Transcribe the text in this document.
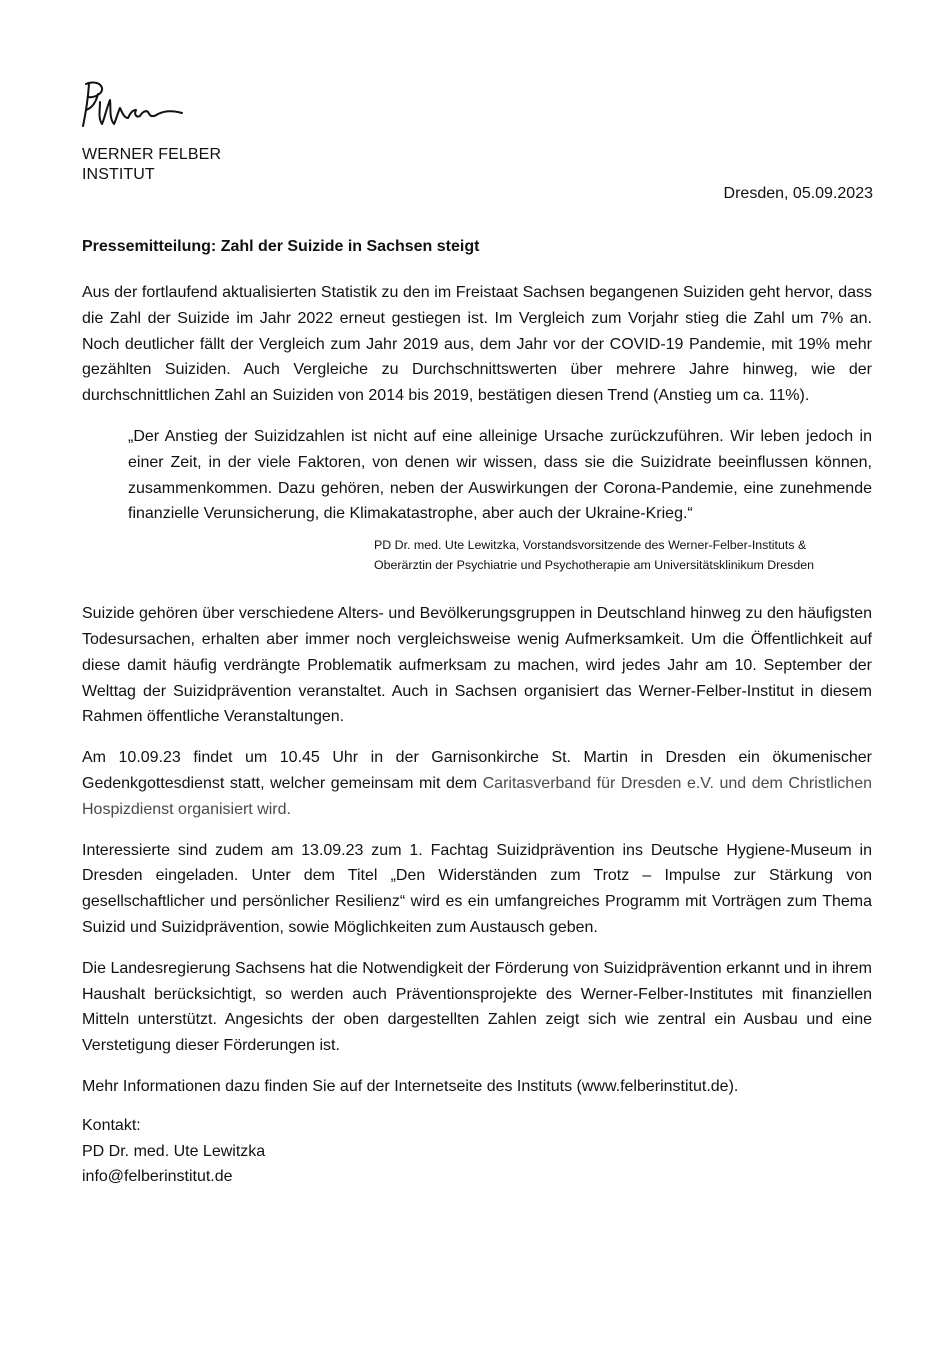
WERNER FELBER
INSTITUT
Dresden, 05.09.2023
Pressemitteilung: Zahl der Suizide in Sachsen steigt

Aus der fortlaufend aktualisierten Statistik zu den im Freistaat Sachsen begangenen Suiziden geht hervor, dass die Zahl der Suizide im Jahr 2022 erneut gestiegen ist. Im Vergleich zum Vorjahr stieg die Zahl um 7% an. Noch deutlicher fällt der Vergleich zum Jahr 2019 aus, dem Jahr vor der COVID-19 Pandemie, mit 19% mehr gezählten Suiziden. Auch Vergleiche zu Durchschnittswerten über mehrere Jahre hinweg, wie der durchschnittlichen Zahl an Suiziden von 2014 bis 2019, bestätigen diesen Trend (Anstieg um ca. 11%).

„Der Anstieg der Suizidzahlen ist nicht auf eine alleinige Ursache zurückzuführen. Wir leben jedoch in einer Zeit, in der viele Faktoren, von denen wir wissen, dass sie die Suizidrate beeinflussen können, zusammenkommen. Dazu gehören, neben der Auswirkungen der Corona-Pandemie, eine zunehmende finanzielle Verunsicherung, die Klimakatastrophe, aber auch der Ukraine-Krieg.“
PD Dr. med. Ute Lewitzka, Vorstandsvorsitzende des Werner-Felber-Instituts &
Oberärztin der Psychiatrie und Psychotherapie am Universitätsklinikum Dresden

Suizide gehören über verschiedene Alters- und Bevölkerungsgruppen in Deutschland hinweg zu den häufigsten Todesursachen, erhalten aber immer noch vergleichsweise wenig Aufmerksamkeit. Um die Öffentlichkeit auf diese damit häufig verdrängte Problematik aufmerksam zu machen, wird jedes Jahr am 10. September der Welttag der Suizidprävention veranstaltet. Auch in Sachsen organisiert das Werner-Felber-Institut in diesem Rahmen öffentliche Veranstaltungen.

Am 10.09.23 findet um 10.45 Uhr in der Garnisonkirche St. Martin in Dresden ein ökumenischer Gedenkgottesdienst statt, welcher gemeinsam mit dem Caritasverband für Dresden e.V. und dem Christlichen Hospizdienst organisiert wird.

Interessierte sind zudem am 13.09.23 zum 1. Fachtag Suizidprävention ins Deutsche Hygiene-Museum in Dresden eingeladen. Unter dem Titel „Den Widerständen zum Trotz – Impulse zur Stärkung von gesellschaftlicher und persönlicher Resilienz“ wird es ein umfangreiches Programm mit Vorträgen zum Thema Suizid und Suizidprävention, sowie Möglichkeiten zum Austausch geben.

Die Landesregierung Sachsens hat die Notwendigkeit der Förderung von Suizidprävention erkannt und in ihrem Haushalt berücksichtigt, so werden auch Präventionsprojekte des Werner-Felber-Institutes mit finanziellen Mitteln unterstützt. Angesichts der oben dargestellten Zahlen zeigt sich wie zentral ein Ausbau und eine Verstetigung dieser Förderungen ist.

Mehr Informationen dazu finden Sie auf der Internetseite des Instituts (www.felberinstitut.de).

Kontakt:
PD Dr. med. Ute Lewitzka
info@felberinstitut.de
